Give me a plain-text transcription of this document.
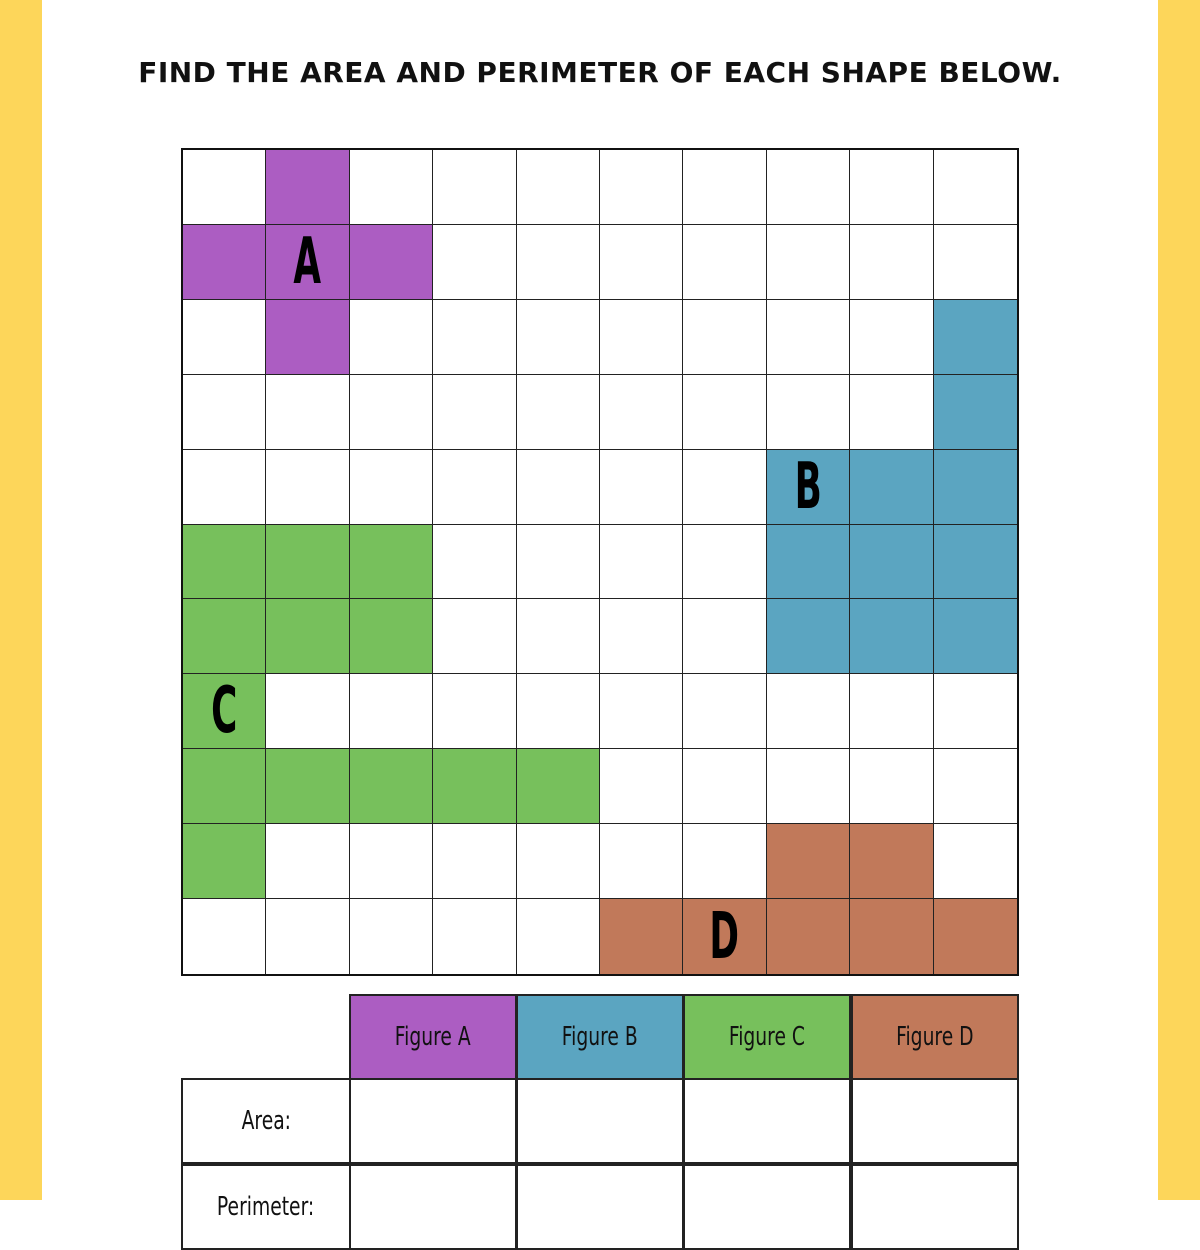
FIND THE AREA AND PERIMETER OF EACH SHAPE BELOW.
A
B
C
D
Figure A	Figure B	Figure C	Figure D
Area:
Perimeter:
